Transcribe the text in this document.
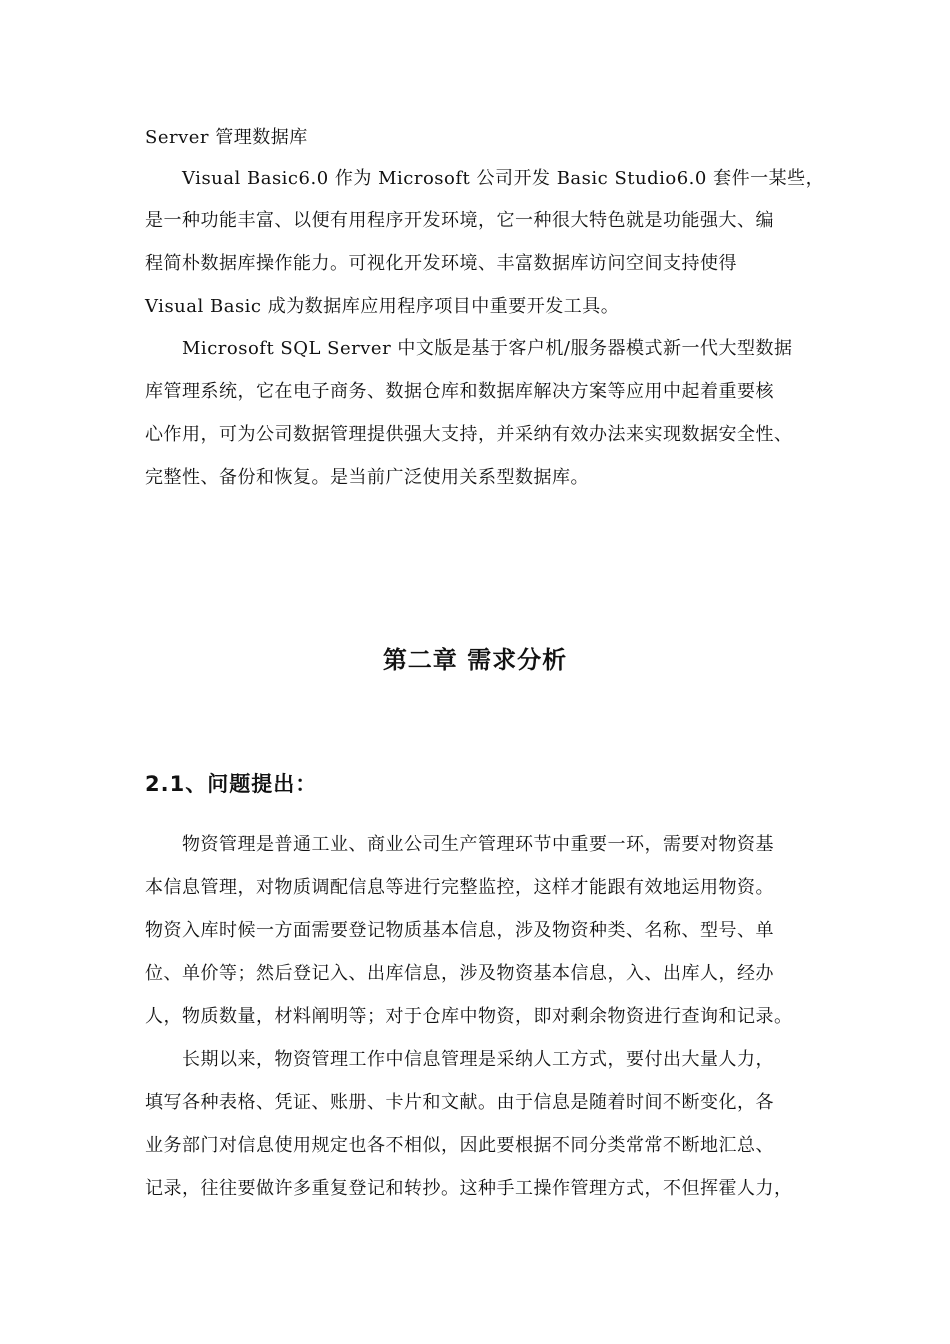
Server 管理数据库
Visual Basic6.0 作为 Microsoft 公司开发 Basic Studio6.0 套件一某些，
是一种功能丰富、以便有用程序开发环境，它一种很大特色就是功能强大、编
程简朴数据库操作能力。可视化开发环境、丰富数据库访问空间支持使得
Visual Basic 成为数据库应用程序项目中重要开发工具。
Microsoft SQL Server 中文版是基于客户机/服务器模式新一代大型数据
库管理系统，它在电子商务、数据仓库和数据库解决方案等应用中起着重要核
心作用，可为公司数据管理提供强大支持，并采纳有效办法来实现数据安全性、
完整性、备份和恢复。是当前广泛使用关系型数据库。
第二章 需求分析
2.1、问题提出：
物资管理是普通工业、商业公司生产管理环节中重要一环，需要对物资基
本信息管理，对物质调配信息等进行完整监控，这样才能跟有效地运用物资。
物资入库时候一方面需要登记物质基本信息，涉及物资种类、名称、型号、单
位、单价等；然后登记入、出库信息，涉及物资基本信息，入、出库人，经办
人，物质数量，材料阐明等；对于仓库中物资，即对剩余物资进行查询和记录。
长期以来，物资管理工作中信息管理是采纳人工方式，要付出大量人力，
填写各种表格、凭证、账册、卡片和文献。由于信息是随着时间不断变化，各
业务部门对信息使用规定也各不相似，因此要根据不同分类常常不断地汇总、
记录，往往要做许多重复登记和转抄。这种手工操作管理方式，不但挥霍人力，
